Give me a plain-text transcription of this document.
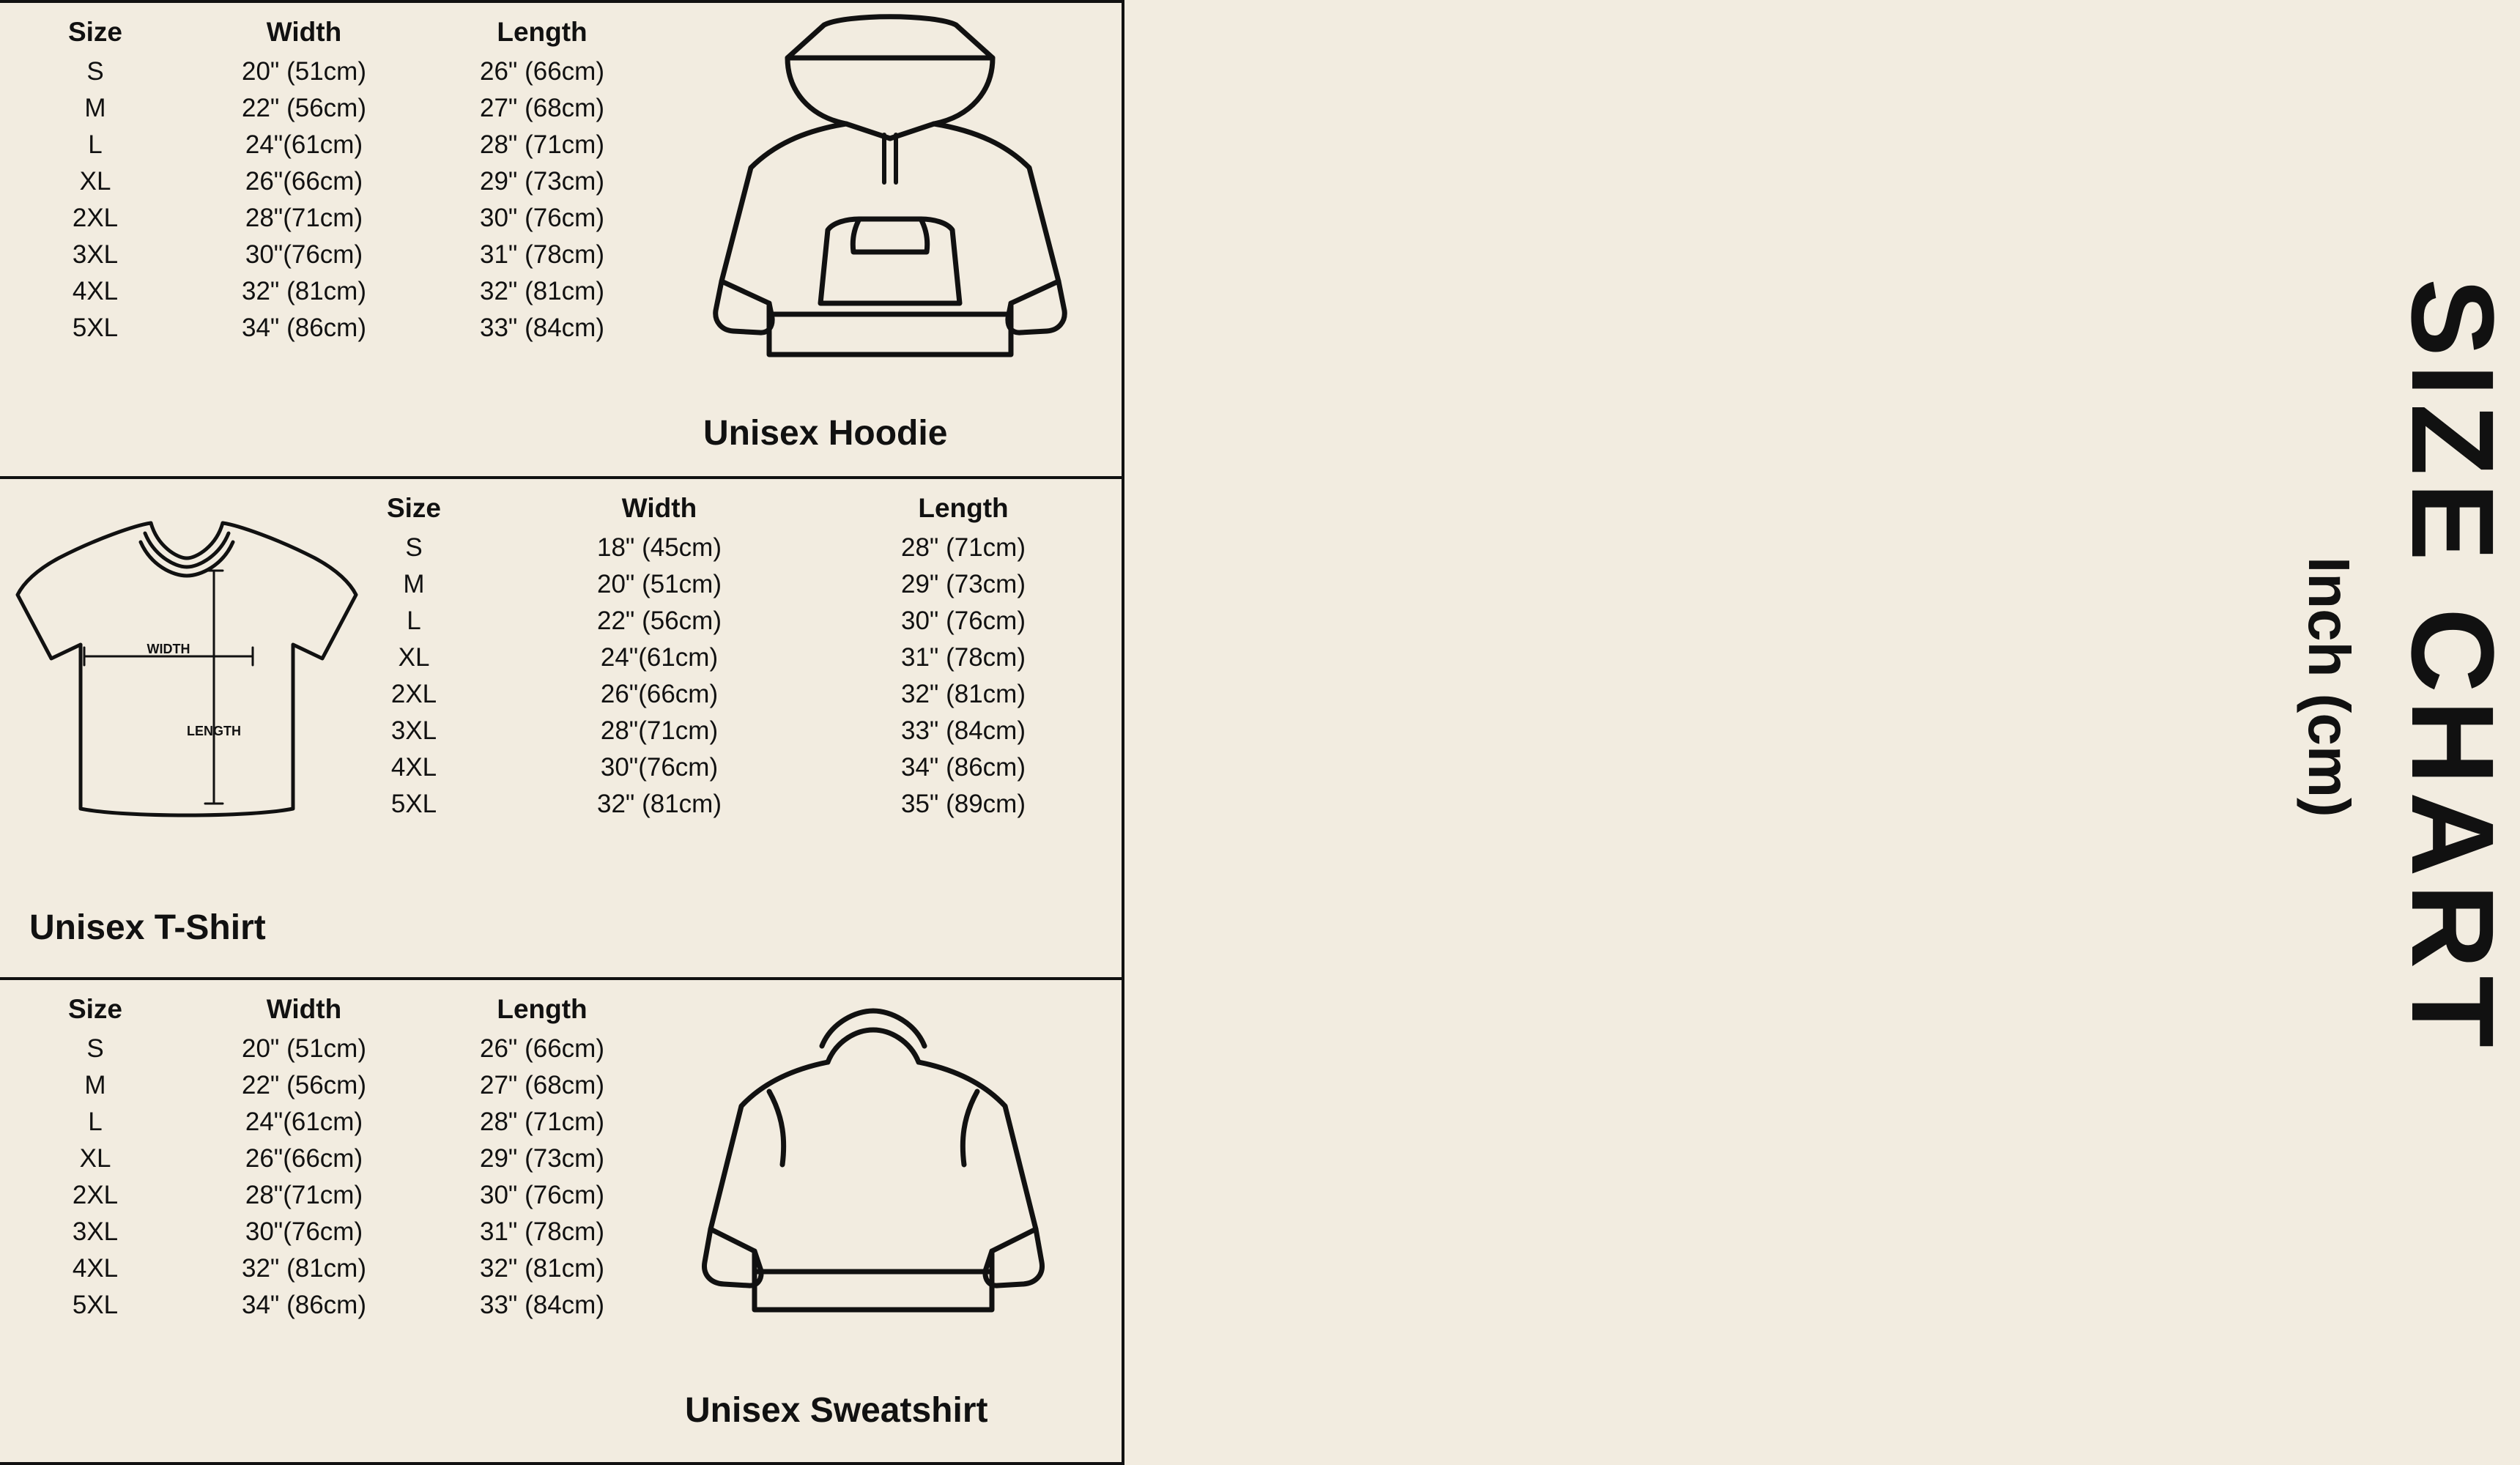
Size	Width	Length
S	20" (51cm)	26" (66cm)
M	22" (56cm)	27" (68cm)
L	24"(61cm)	28" (71cm)
XL	26"(66cm)	29" (73cm)
2XL	28"(71cm)	30" (76cm)
3XL	30"(76cm)	31" (78cm)
4XL	32" (81cm)	32" (81cm)
5XL	34" (86cm)	33" (84cm)
Unisex Hoodie
Size	Width	Length
S	18" (45cm)	28" (71cm)
M	20" (51cm)	29" (73cm)
L	22" (56cm)	30" (76cm)
XL	24"(61cm)	31" (78cm)
2XL	26"(66cm)	32" (81cm)
3XL	28"(71cm)	33" (84cm)
4XL	30"(76cm)	34" (86cm)
5XL	32" (81cm)	35" (89cm)
WIDTH
LENGTH
Unisex T-Shirt
Size	Width	Length
S	20" (51cm)	26" (66cm)
M	22" (56cm)	27" (68cm)
L	24"(61cm)	28" (71cm)
XL	26"(66cm)	29" (73cm)
2XL	28"(71cm)	30" (76cm)
3XL	30"(76cm)	31" (78cm)
4XL	32" (81cm)	32" (81cm)
5XL	34" (86cm)	33" (84cm)
Unisex Sweatshirt
SIZE CHART
Inch (cm)
